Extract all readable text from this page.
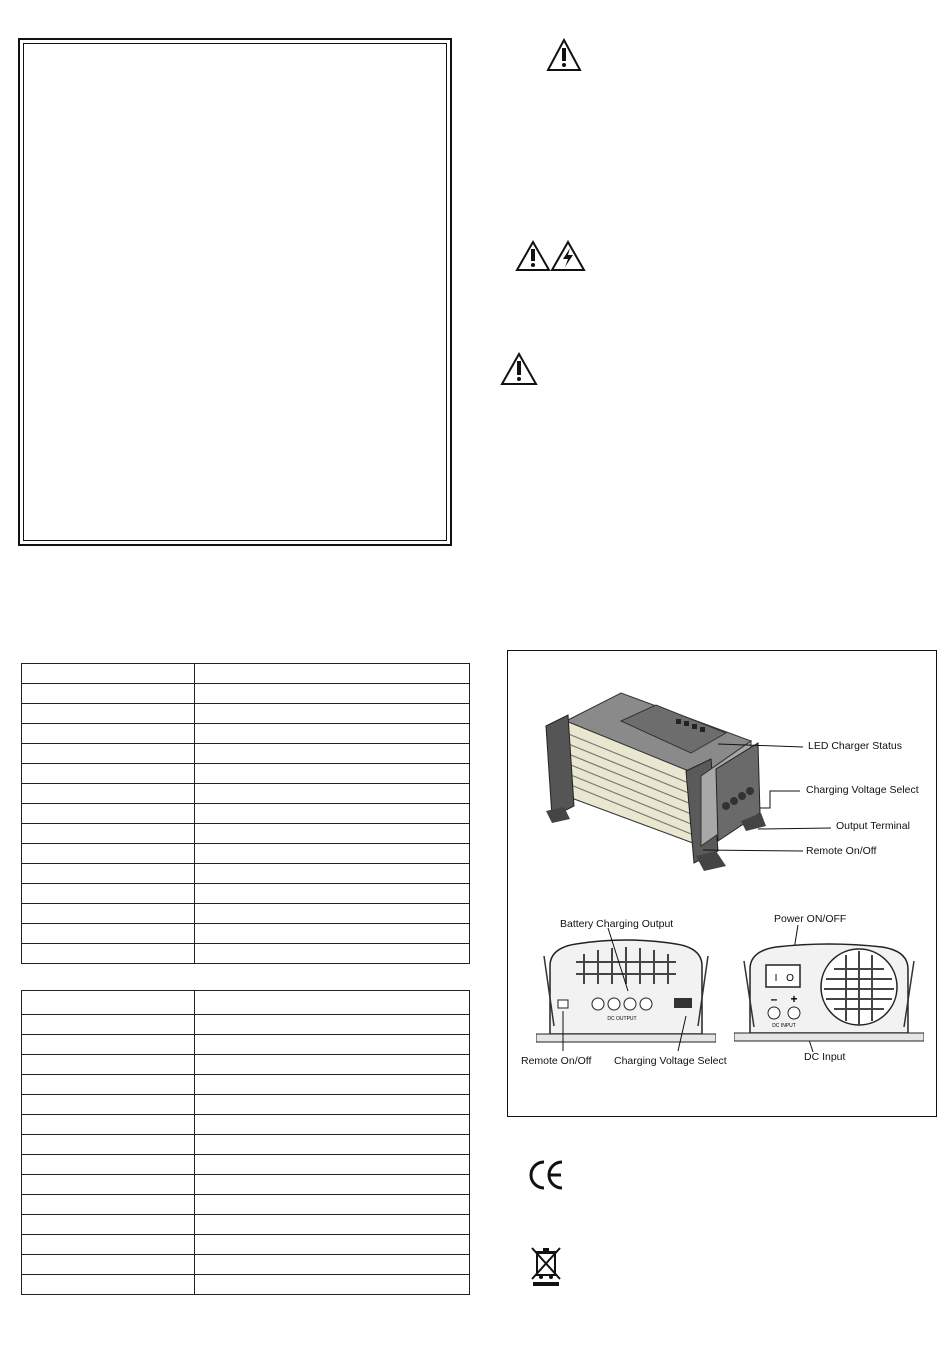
LED Charger Status
Charging Voltage Select
Output Terminal
Remote On/Off
DC OUTPUT
Battery Charging Output
Remote On/Off Charging Voltage Select
I O
– +
DC INPUT
Power ON/OFF
DC Input
